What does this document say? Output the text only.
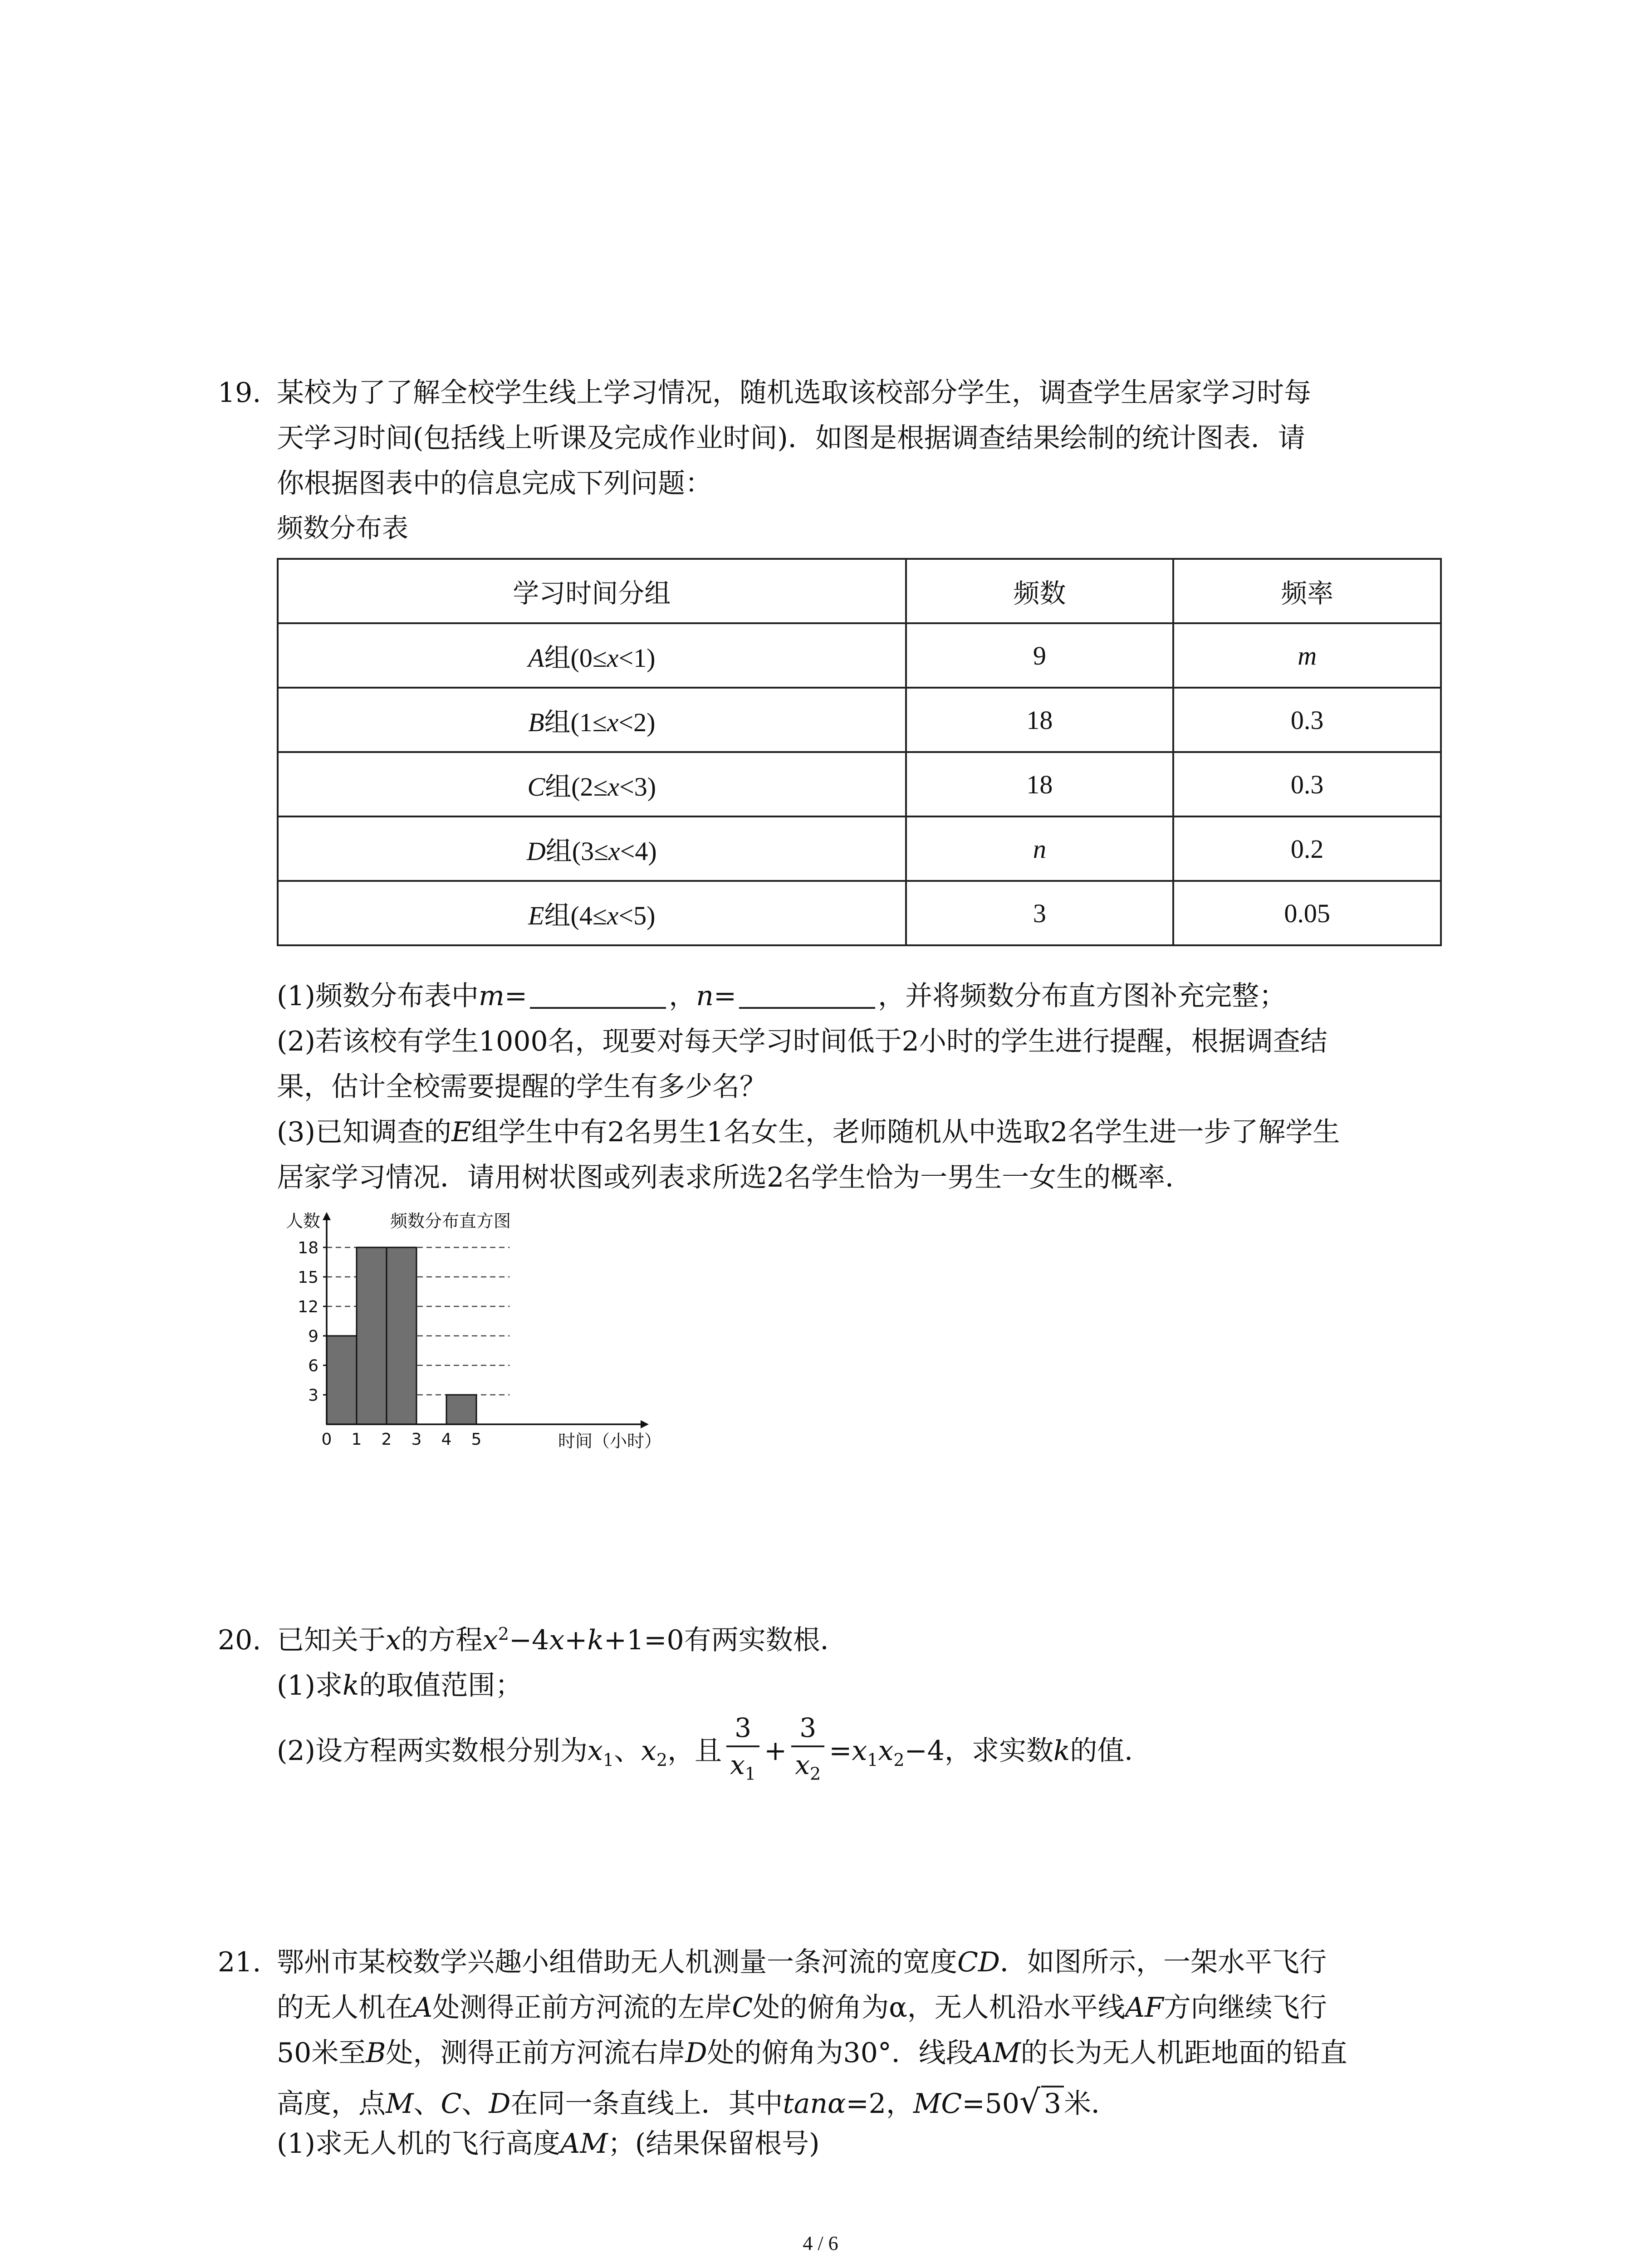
19. 某校为了了解全校学生线上学习情况，随机选取该校部分学生，调查学生居家学习时每
天学习时间(包括线上听课及完成作业时间)．如图是根据调查结果绘制的统计图表．请
你根据图表中的信息完成下列问题：
频数分布表
学习时间分组	频数	频率
A组(0≤x<1)	9	m
B组(1≤x<2)	18	0.3
C组(2≤x<3)	18	0.3
D组(3≤x<4)	n	0.2
E组(4≤x<5)	3	0.05
(1)频数分布表中m=	，n=	，并将频数分布直方图补充完整；
(2)若该校有学生1000名，现要对每天学习时间低于2小时的学生进行提醒，根据调查结
果，估计全校需要提醒的学生有多少名？
(3)已知调查的E组学生中有2名男生1名女生，老师随机从中选取2名学生进一步了解学生
居家学习情况．请用树状图或列表求所选2名学生恰为一男生一女生的概率．
3
6
9
12
15
18
0 1 2 3 4 5
人数	频数分布直方图
时间（小时）
20. 已知关于x的方程$x^2-4x+k+1=0$有两实数根．
(1)求k的取值范围；
(2)设方程两实数根分别为$x_1$、$x_2$，且 $\frac{3}{x_1} + \frac{3}{x_2} =x_1x_2-4$，求实数k的值．
21. 鄂州市某校数学兴趣小组借助无人机测量一条河流的宽度CD．如图所示，一架水平飞行
的无人机在A处测得正前方河流的左岸C处的俯角为α，无人机沿水平线AF方向继续飞行
50米至B处，测得正前方河流右岸D处的俯角为30°．线段AM的长为无人机距地面的铅直
高度，点M、C、D在同一条直线上．其中tanα=2，MC=50√ 3 米．
(1)求无人机的飞行高度AM；(结果保留根号)
4 / 6
